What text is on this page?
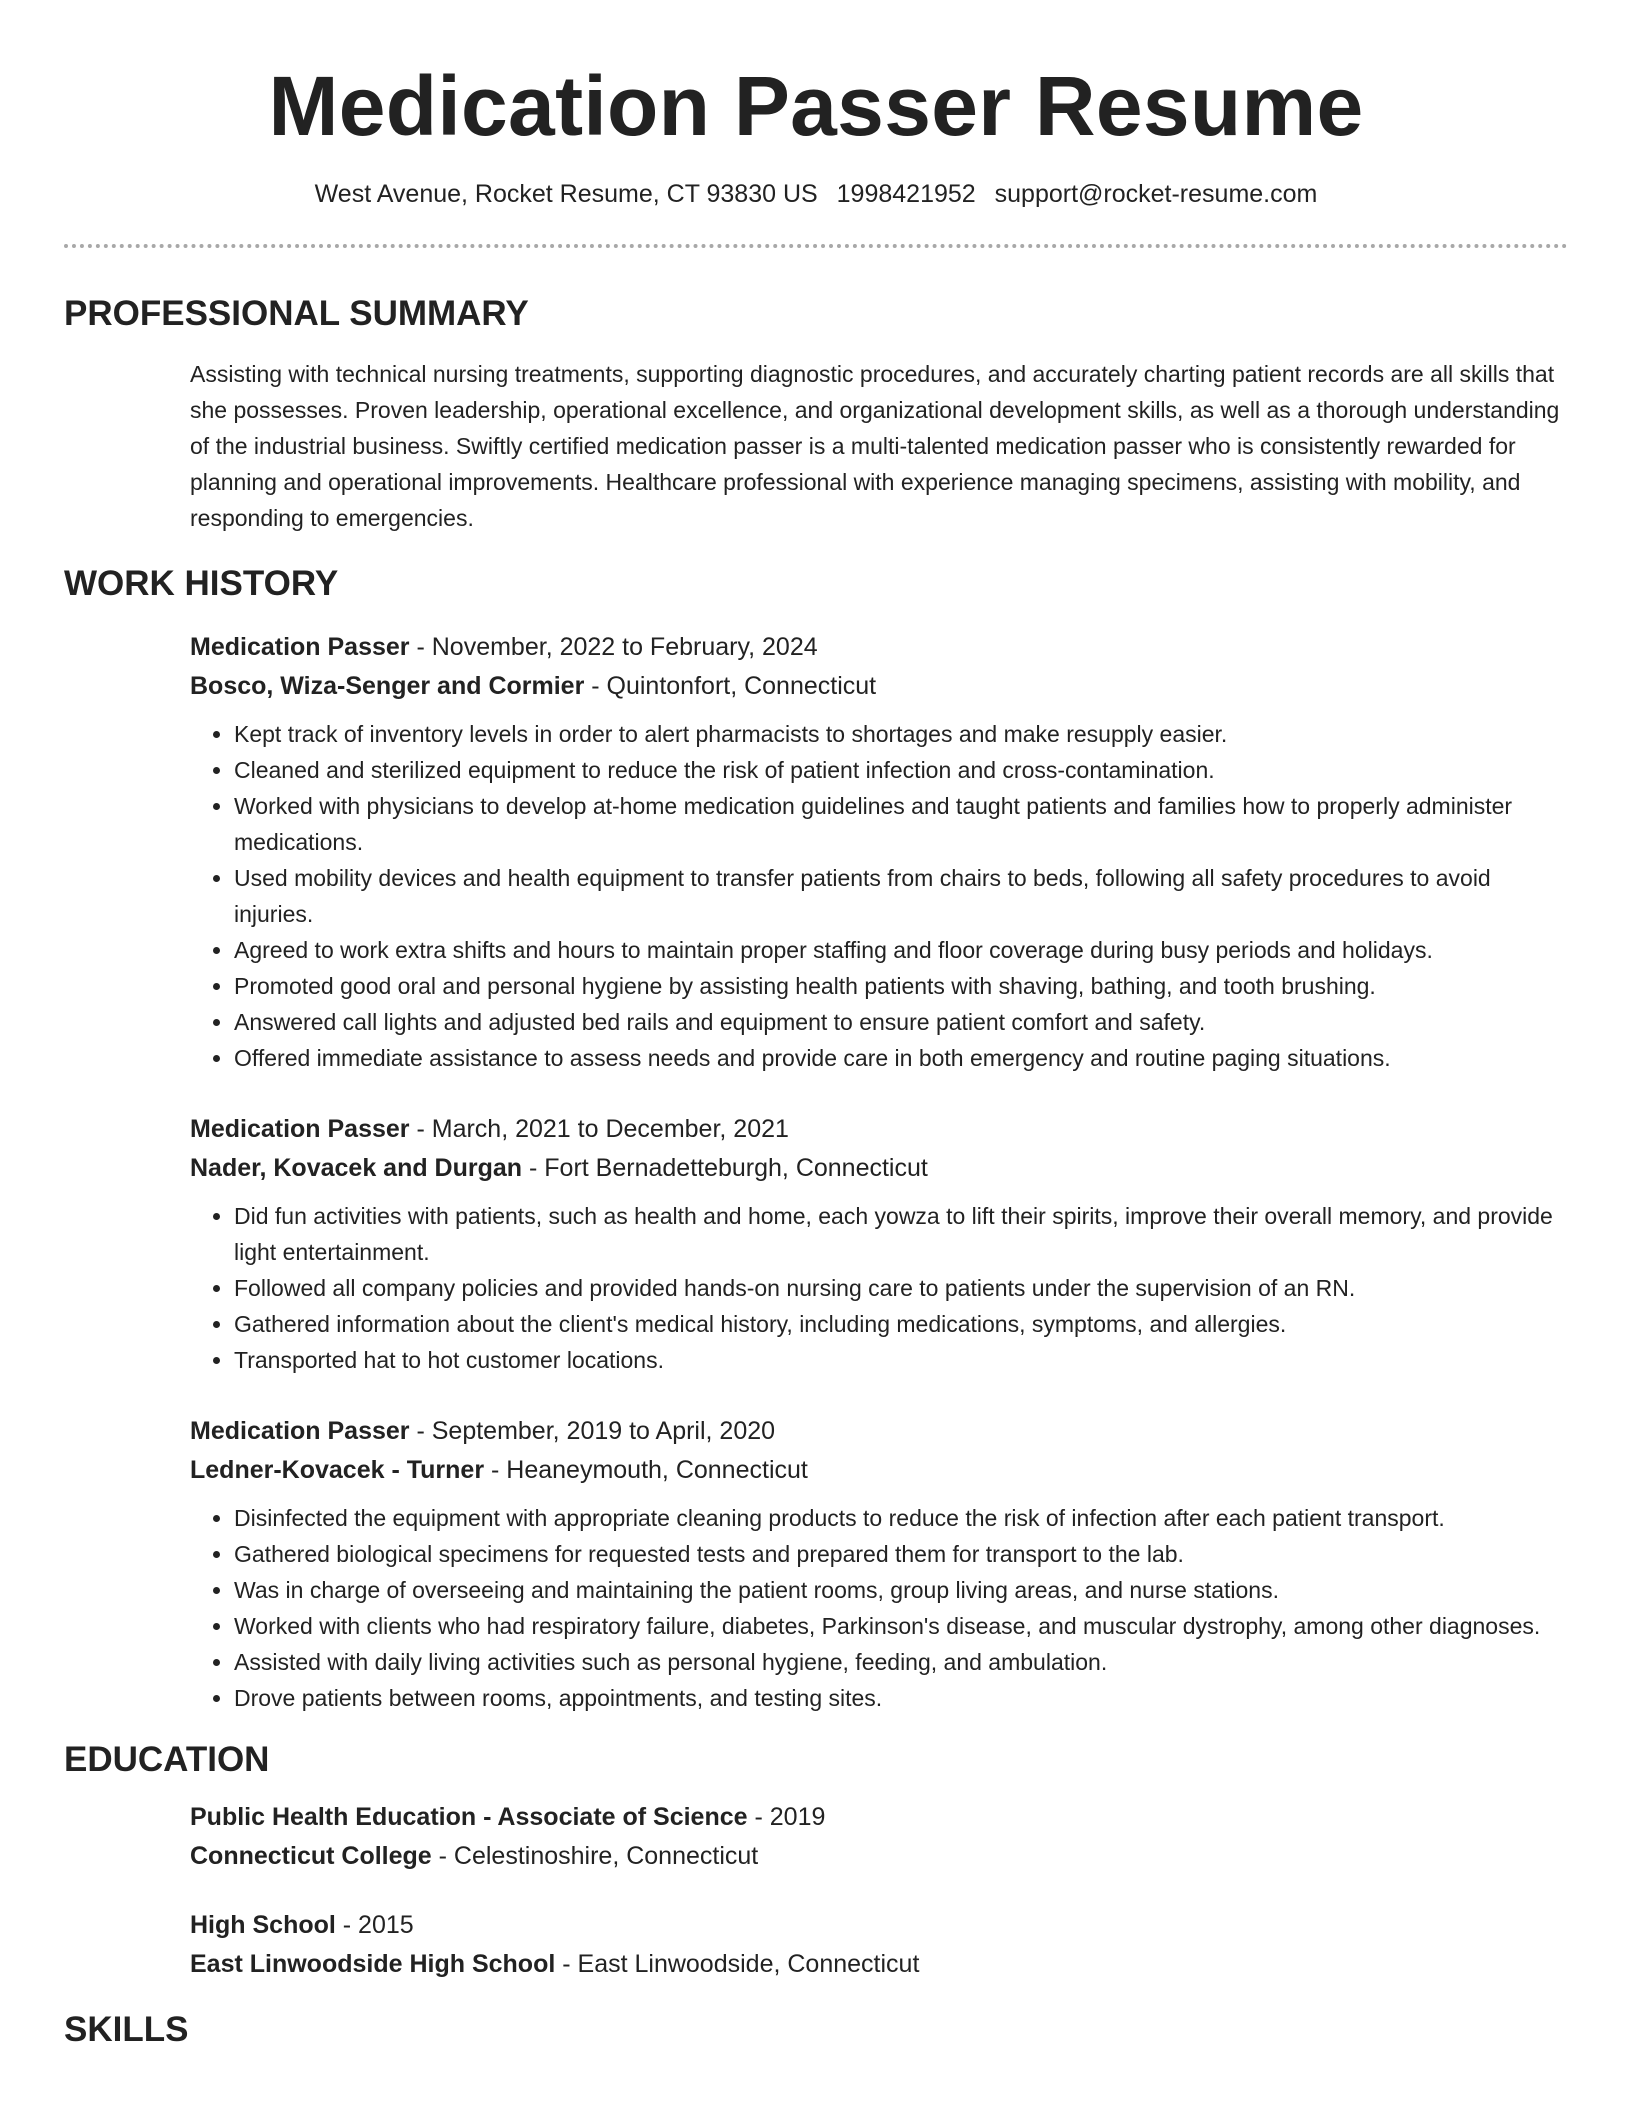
Medication Passer Resume
West Avenue, Rocket Resume, CT 93830 US 1998421952 support@rocket-resume.com
PROFESSIONAL SUMMARY
Assisting with technical nursing treatments, supporting diagnostic procedures, and accurately charting patient records are all skills that she possesses. Proven leadership, operational excellence, and organizational development skills, as well as a thorough understanding of the industrial business. Swiftly certified medication passer is a multi-talented medication passer who is consistently rewarded for planning and operational improvements. Healthcare professional with experience managing specimens, assisting with mobility, and responding to emergencies.
WORK HISTORY
Medication Passer - November, 2022 to February, 2024
Bosco, Wiza-Senger and Cormier - Quintonfort, Connecticut
• Kept track of inventory levels in order to alert pharmacists to shortages and make resupply easier.
• Cleaned and sterilized equipment to reduce the risk of patient infection and cross-contamination.
• Worked with physicians to develop at-home medication guidelines and taught patients and families how to properly administer medications.
• Used mobility devices and health equipment to transfer patients from chairs to beds, following all safety procedures to avoid injuries.
• Agreed to work extra shifts and hours to maintain proper staffing and floor coverage during busy periods and holidays.
• Promoted good oral and personal hygiene by assisting health patients with shaving, bathing, and tooth brushing.
• Answered call lights and adjusted bed rails and equipment to ensure patient comfort and safety.
• Offered immediate assistance to assess needs and provide care in both emergency and routine paging situations.
Medication Passer - March, 2021 to December, 2021
Nader, Kovacek and Durgan - Fort Bernadetteburgh, Connecticut
• Did fun activities with patients, such as health and home, each yowza to lift their spirits, improve their overall memory, and provide light entertainment.
• Followed all company policies and provided hands-on nursing care to patients under the supervision of an RN.
• Gathered information about the client's medical history, including medications, symptoms, and allergies.
• Transported hat to hot customer locations.
Medication Passer - September, 2019 to April, 2020
Ledner-Kovacek - Turner - Heaneymouth, Connecticut
• Disinfected the equipment with appropriate cleaning products to reduce the risk of infection after each patient transport.
• Gathered biological specimens for requested tests and prepared them for transport to the lab.
• Was in charge of overseeing and maintaining the patient rooms, group living areas, and nurse stations.
• Worked with clients who had respiratory failure, diabetes, Parkinson's disease, and muscular dystrophy, among other diagnoses.
• Assisted with daily living activities such as personal hygiene, feeding, and ambulation.
• Drove patients between rooms, appointments, and testing sites.
EDUCATION
Public Health Education - Associate of Science - 2019
Connecticut College - Celestinoshire, Connecticut
High School - 2015
East Linwoodside High School - East Linwoodside, Connecticut
SKILLS
